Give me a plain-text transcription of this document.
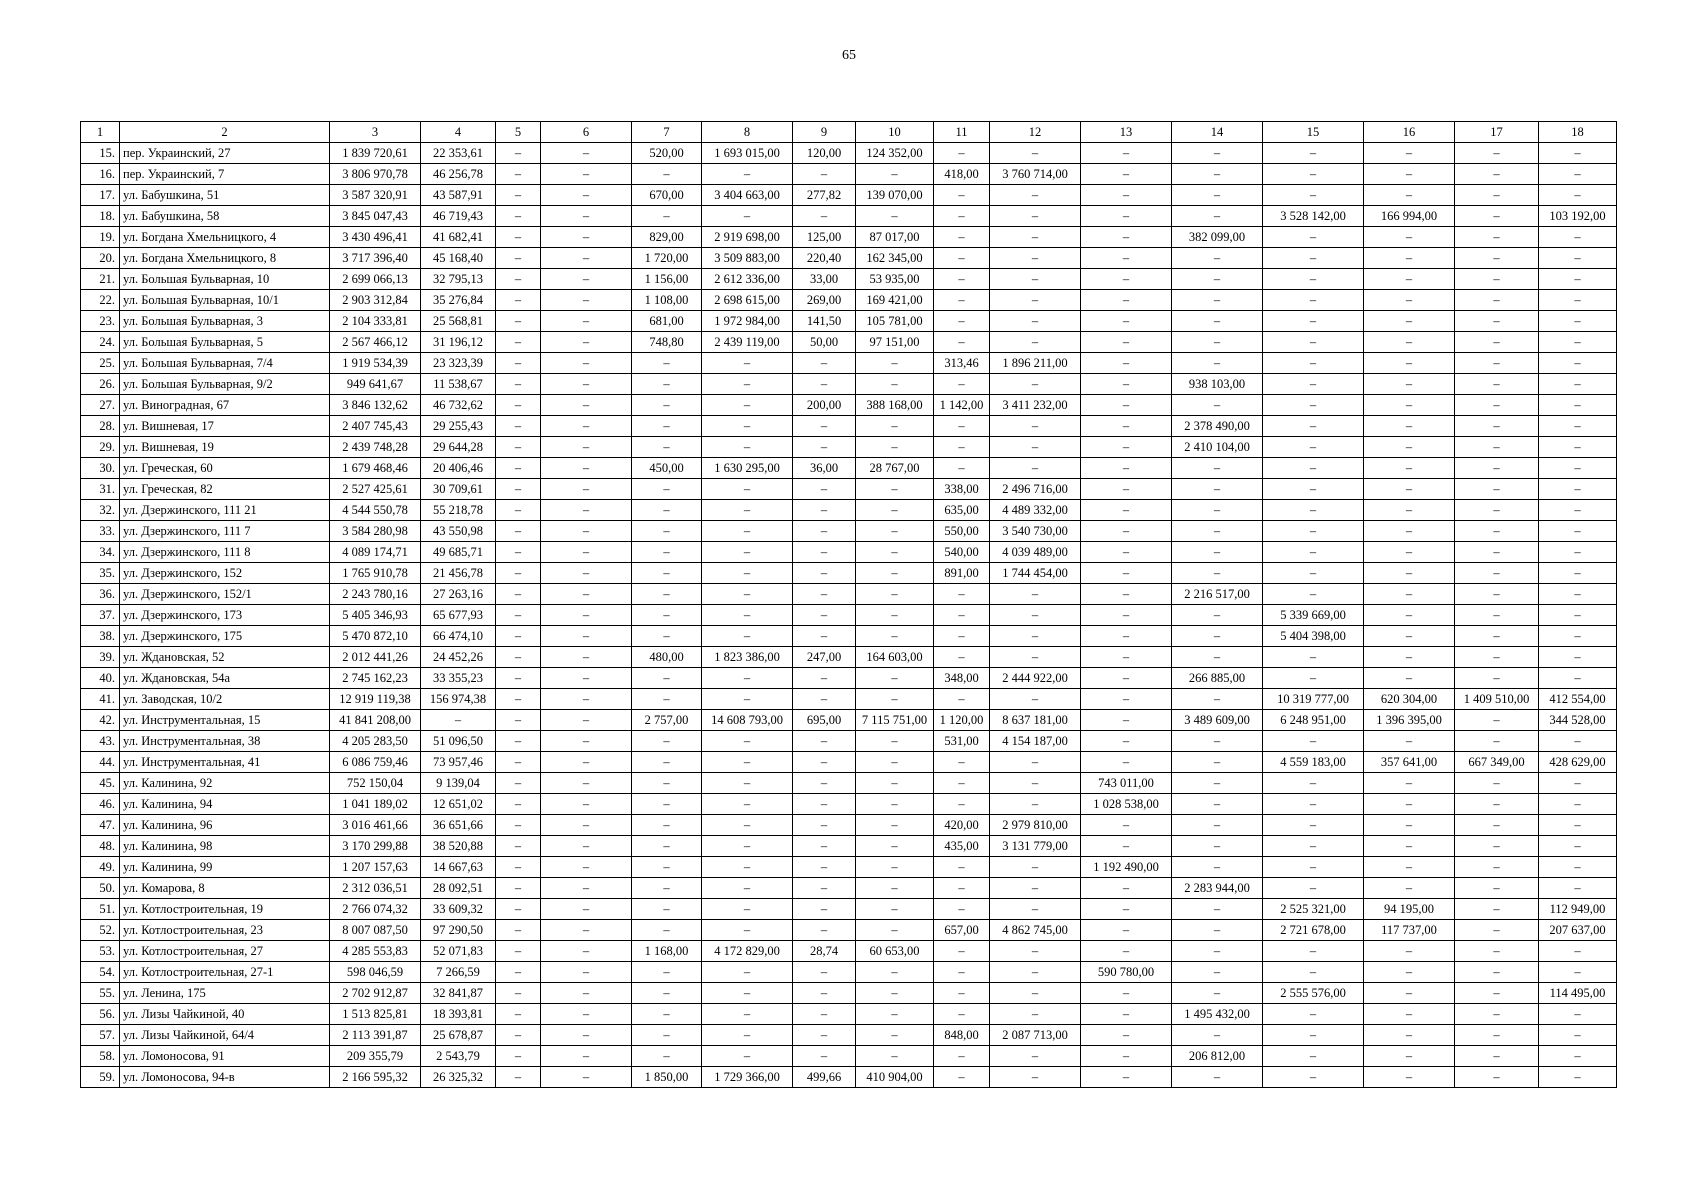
65
1	2	3	4	5	6	7	8	9	10	11	12	13	14	15	16	17	18
15.	пер. Украинский, 27	1 839 720,61	22 353,61	–	–	520,00	1 693 015,00	120,00	124 352,00	–	–	–	–	–	–	–	–
16.	пер. Украинский, 7	3 806 970,78	46 256,78	–	–	–	–	–	–	418,00	3 760 714,00	–	–	–	–	–	–
17.	ул. Бабушкина, 51	3 587 320,91	43 587,91	–	–	670,00	3 404 663,00	277,82	139 070,00	–	–	–	–	–	–	–	–
18.	ул. Бабушкина, 58	3 845 047,43	46 719,43	–	–	–	–	–	–	–	–	–	–	3 528 142,00	166 994,00	–	103 192,00
19.	ул. Богдана Хмельницкого, 4	3 430 496,41	41 682,41	–	–	829,00	2 919 698,00	125,00	87 017,00	–	–	–	382 099,00	–	–	–	–
20.	ул. Богдана Хмельницкого, 8	3 717 396,40	45 168,40	–	–	1 720,00	3 509 883,00	220,40	162 345,00	–	–	–	–	–	–	–	–
21.	ул. Большая Бульварная, 10	2 699 066,13	32 795,13	–	–	1 156,00	2 612 336,00	33,00	53 935,00	–	–	–	–	–	–	–	–
22.	ул. Большая Бульварная, 10/1	2 903 312,84	35 276,84	–	–	1 108,00	2 698 615,00	269,00	169 421,00	–	–	–	–	–	–	–	–
23.	ул. Большая Бульварная, 3	2 104 333,81	25 568,81	–	–	681,00	1 972 984,00	141,50	105 781,00	–	–	–	–	–	–	–	–
24.	ул. Большая Бульварная, 5	2 567 466,12	31 196,12	–	–	748,80	2 439 119,00	50,00	97 151,00	–	–	–	–	–	–	–	–
25.	ул. Большая Бульварная, 7/4	1 919 534,39	23 323,39	–	–	–	–	–	–	313,46	1 896 211,00	–	–	–	–	–	–
26.	ул. Большая Бульварная, 9/2	949 641,67	11 538,67	–	–	–	–	–	–	–	–	–	938 103,00	–	–	–	–
27.	ул. Виноградная, 67	3 846 132,62	46 732,62	–	–	–	–	200,00	388 168,00	1 142,00	3 411 232,00	–	–	–	–	–	–
28.	ул. Вишневая, 17	2 407 745,43	29 255,43	–	–	–	–	–	–	–	–	–	2 378 490,00	–	–	–	–
29.	ул. Вишневая, 19	2 439 748,28	29 644,28	–	–	–	–	–	–	–	–	–	2 410 104,00	–	–	–	–
30.	ул. Греческая, 60	1 679 468,46	20 406,46	–	–	450,00	1 630 295,00	36,00	28 767,00	–	–	–	–	–	–	–	–
31.	ул. Греческая, 82	2 527 425,61	30 709,61	–	–	–	–	–	–	338,00	2 496 716,00	–	–	–	–	–	–
32.	ул. Дзержинского, 111 21	4 544 550,78	55 218,78	–	–	–	–	–	–	635,00	4 489 332,00	–	–	–	–	–	–
33.	ул. Дзержинского, 111 7	3 584 280,98	43 550,98	–	–	–	–	–	–	550,00	3 540 730,00	–	–	–	–	–	–
34.	ул. Дзержинского, 111 8	4 089 174,71	49 685,71	–	–	–	–	–	–	540,00	4 039 489,00	–	–	–	–	–	–
35.	ул. Дзержинского, 152	1 765 910,78	21 456,78	–	–	–	–	–	–	891,00	1 744 454,00	–	–	–	–	–	–
36.	ул. Дзержинского, 152/1	2 243 780,16	27 263,16	–	–	–	–	–	–	–	–	–	2 216 517,00	–	–	–	–
37.	ул. Дзержинского, 173	5 405 346,93	65 677,93	–	–	–	–	–	–	–	–	–	–	5 339 669,00	–	–	–
38.	ул. Дзержинского, 175	5 470 872,10	66 474,10	–	–	–	–	–	–	–	–	–	–	5 404 398,00	–	–	–
39.	ул. Ждановская, 52	2 012 441,26	24 452,26	–	–	480,00	1 823 386,00	247,00	164 603,00	–	–	–	–	–	–	–	–
40.	ул. Ждановская, 54а	2 745 162,23	33 355,23	–	–	–	–	–	–	348,00	2 444 922,00	–	266 885,00	–	–	–	–
41.	ул. Заводская, 10/2	12 919 119,38	156 974,38	–	–	–	–	–	–	–	–	–	–	10 319 777,00	620 304,00	1 409 510,00	412 554,00
42.	ул. Инструментальная, 15	41 841 208,00	–	–	–	2 757,00	14 608 793,00	695,00	7 115 751,00	1 120,00	8 637 181,00	–	3 489 609,00	6 248 951,00	1 396 395,00	–	344 528,00
43.	ул. Инструментальная, 38	4 205 283,50	51 096,50	–	–	–	–	–	–	531,00	4 154 187,00	–	–	–	–	–	–
44.	ул. Инструментальная, 41	6 086 759,46	73 957,46	–	–	–	–	–	–	–	–	–	–	4 559 183,00	357 641,00	667 349,00	428 629,00
45.	ул. Калинина, 92	752 150,04	9 139,04	–	–	–	–	–	–	–	–	743 011,00	–	–	–	–	–
46.	ул. Калинина, 94	1 041 189,02	12 651,02	–	–	–	–	–	–	–	–	1 028 538,00	–	–	–	–	–
47.	ул. Калинина, 96	3 016 461,66	36 651,66	–	–	–	–	–	–	420,00	2 979 810,00	–	–	–	–	–	–
48.	ул. Калинина, 98	3 170 299,88	38 520,88	–	–	–	–	–	–	435,00	3 131 779,00	–	–	–	–	–	–
49.	ул. Калинина, 99	1 207 157,63	14 667,63	–	–	–	–	–	–	–	–	1 192 490,00	–	–	–	–	–
50.	ул. Комарова, 8	2 312 036,51	28 092,51	–	–	–	–	–	–	–	–	–	2 283 944,00	–	–	–	–
51.	ул. Котлостроительная, 19	2 766 074,32	33 609,32	–	–	–	–	–	–	–	–	–	–	2 525 321,00	94 195,00	–	112 949,00
52.	ул. Котлостроительная, 23	8 007 087,50	97 290,50	–	–	–	–	–	–	657,00	4 862 745,00	–	–	2 721 678,00	117 737,00	–	207 637,00
53.	ул. Котлостроительная, 27	4 285 553,83	52 071,83	–	–	1 168,00	4 172 829,00	28,74	60 653,00	–	–	–	–	–	–	–	–
54.	ул. Котлостроительная, 27-1	598 046,59	7 266,59	–	–	–	–	–	–	–	–	590 780,00	–	–	–	–	–
55.	ул. Ленина, 175	2 702 912,87	32 841,87	–	–	–	–	–	–	–	–	–	–	2 555 576,00	–	–	114 495,00
56.	ул. Лизы Чайкиной, 40	1 513 825,81	18 393,81	–	–	–	–	–	–	–	–	–	1 495 432,00	–	–	–	–
57.	ул. Лизы Чайкиной, 64/4	2 113 391,87	25 678,87	–	–	–	–	–	–	848,00	2 087 713,00	–	–	–	–	–	–
58.	ул. Ломоносова, 91	209 355,79	2 543,79	–	–	–	–	–	–	–	–	–	206 812,00	–	–	–	–
59.	ул. Ломоносова, 94-в	2 166 595,32	26 325,32	–	–	1 850,00	1 729 366,00	499,66	410 904,00	–	–	–	–	–	–	–	–
